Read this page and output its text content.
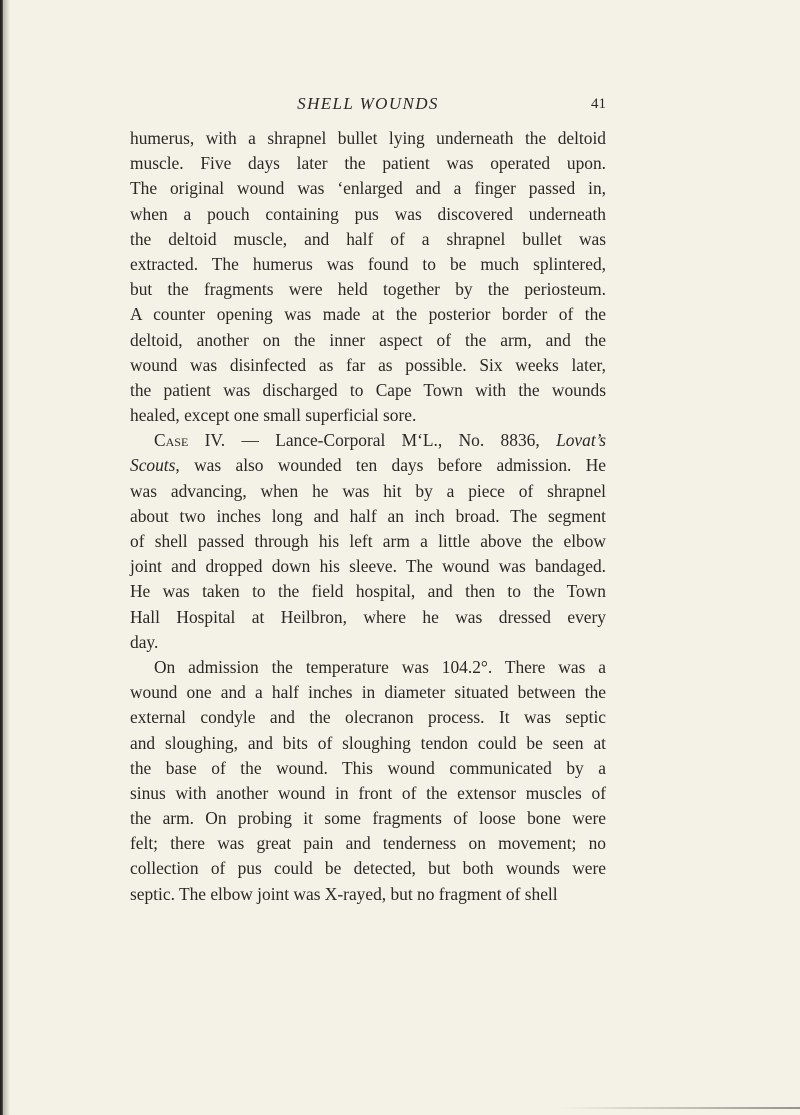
SHELL WOUNDS	41
humerus, with a shrapnel bullet lying underneath the deltoid
muscle. Five days later the patient was operated upon.
The original wound was ‘enlarged and a finger passed in,
when a pouch containing pus was discovered underneath
the deltoid muscle, and half of a shrapnel bullet was
extracted. The humerus was found to be much splintered,
but the fragments were held together by the periosteum.
A counter opening was made at the posterior border of the
deltoid, another on the inner aspect of the arm, and the
wound was disinfected as far as possible. Six weeks later,
the patient was discharged to Cape Town with the wounds
healed, except one small superficial sore.
Case IV. — Lance-Corporal M‘L., No. 8836, Lovat’s
Scouts, was also wounded ten days before admission. He
was advancing, when he was hit by a piece of shrapnel
about two inches long and half an inch broad. The segment
of shell passed through his left arm a little above the elbow
joint and dropped down his sleeve. The wound was bandaged.
He was taken to the field hospital, and then to the Town
Hall Hospital at Heilbron, where he was dressed every
day.
On admission the temperature was 104.2°. There was a
wound one and a half inches in diameter situated between the
external condyle and the olecranon process. It was septic
and sloughing, and bits of sloughing tendon could be seen at
the base of the wound. This wound communicated by a
sinus with another wound in front of the extensor muscles of
the arm. On probing it some fragments of loose bone were
felt; there was great pain and tenderness on movement; no
collection of pus could be detected, but both wounds were
septic. The elbow joint was X-rayed, but no fragment of shell
